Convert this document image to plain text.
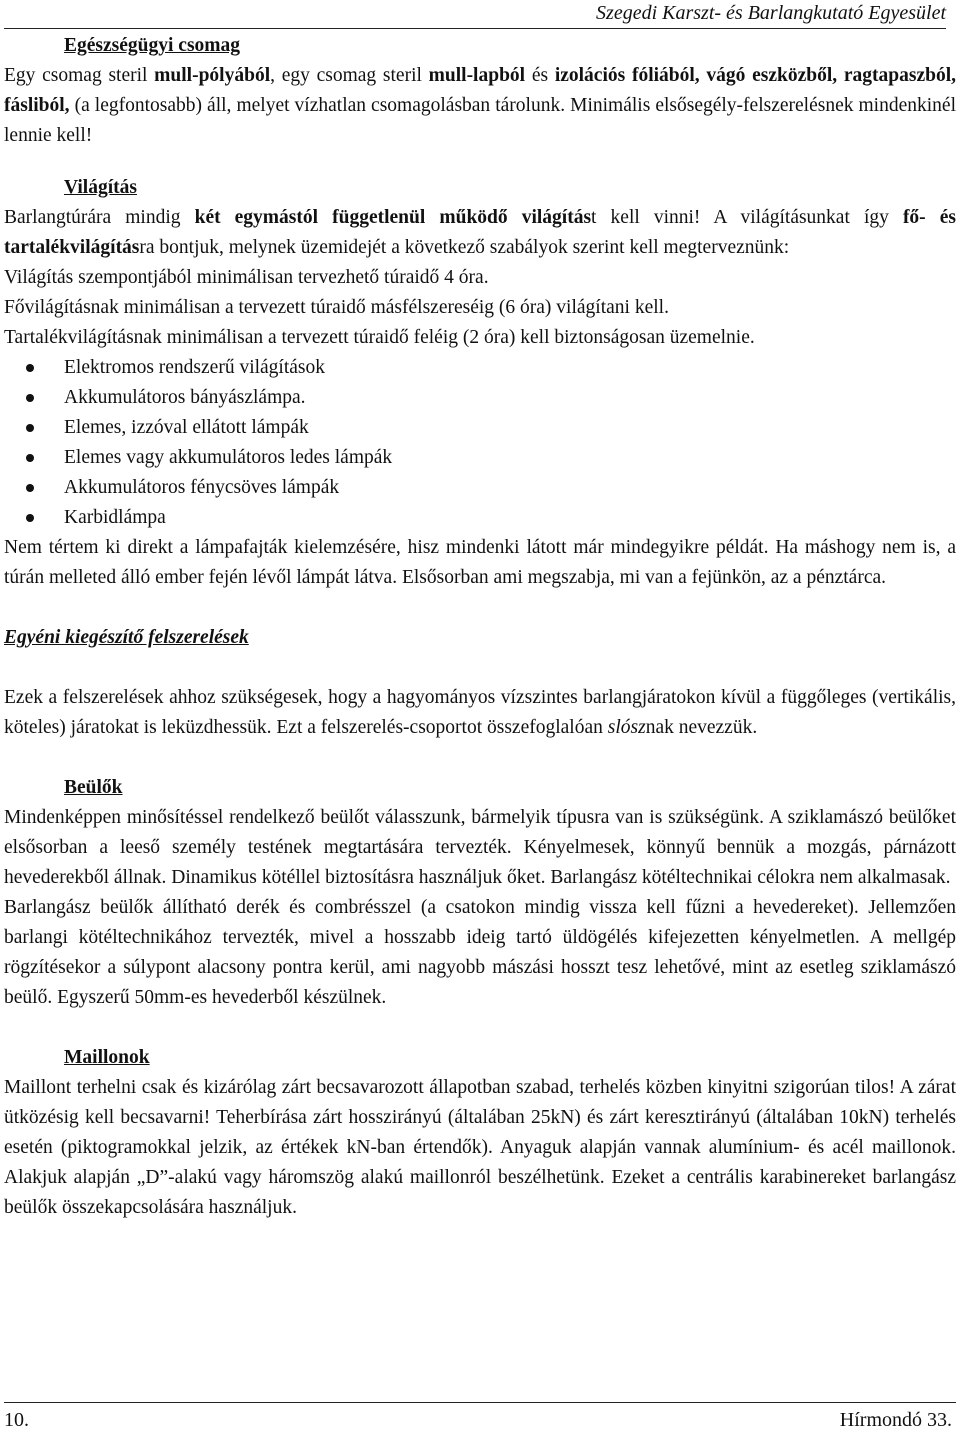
Szegedi Karszt- és Barlangkutató Egyesület

Egészségügyi csomag

Egy csomag steril mull-pólyából, egy csomag steril mull-lapból és izolációs fóliából, vágó eszközből, ragtapaszból, fásliból, (a legfontosabb) áll, melyet vízhatlan csomagolásban tárolunk. Minimális elsősegély-felszerelésnek mindenkinél lennie kell!

Világítás

Barlangtúrára mindig két egymástól függetlenül működő világítást kell vinni! A világításunkat így fő- és tartalékvilágításra bontjuk, melynek üzemidejét a következő szabályok szerint kell megterveznünk:

Világítás szempontjából minimálisan tervezhető túraidő 4 óra.

Fővilágításnak minimálisan a tervezett túraidő másfélszereséig (6 óra) világítani kell.

Tartalékvilágításnak minimálisan a tervezett túraidő feléig (2 óra) kell biztonságosan üzemelnie.

Elektromos rendszerű világítások
Akkumulátoros bányászlámpa.
Elemes, izzóval ellátott lámpák
Elemes vagy akkumulátoros ledes lámpák
Akkumulátoros fénycsöves lámpák
Karbidlámpa

Nem tértem ki direkt a lámpafajták kielemzésére, hisz mindenki látott már mindegyikre példát. Ha máshogy nem is, a túrán melleted álló ember fején lévől lámpát látva. Elsősorban ami megszabja, mi van a fejünkön, az a pénztárca.

Egyéni kiegészítő felszerelések

Ezek a felszerelések ahhoz szükségesek, hogy a hagyományos vízszintes barlangjáratokon kívül a függőleges (vertikális, köteles) járatokat is leküzdhessük. Ezt a felszerelés-csoportot összefoglalóan slósznak nevezzük.

Beülők

Mindenképpen minősítéssel rendelkező beülőt válasszunk, bármelyik típusra van is szükségünk. A sziklamászó beülőket elsősorban a leeső személy testének megtartására tervezték. Kényelmesek, könnyű bennük a mozgás, párnázott hevederekből állnak. Dinamikus kötéllel biztosításra használjuk őket. Barlangász kötéltechnikai célokra nem alkalmasak.

Barlangász beülők állítható derék és combrésszel (a csatokon mindig vissza kell fűzni a hevedereket). Jellemzően barlangi kötéltechnikához tervezték, mivel a hosszabb ideig tartó üldögélés kifejezetten kényelmetlen. A mellgép rögzítésekor a súlypont alacsony pontra kerül, ami nagyobb mászási hosszt tesz lehetővé, mint az esetleg sziklamászó beülő. Egyszerű 50mm-es hevederből készülnek.

Maillonok

Maillont terhelni csak és kizárólag zárt becsavarozott állapotban szabad, terhelés közben kinyitni szigorúan tilos! A zárat ütközésig kell becsavarni! Teherbírása zárt hosszirányú (általában 25kN) és zárt keresztirányú (általában 10kN) terhelés esetén (piktogramokkal jelzik, az értékek kN-ban értendők). Anyaguk alapján vannak alumínium- és acél maillonok. Alakjuk alapján „D”-alakú vagy háromszög alakú maillonról beszélhetünk. Ezeket a centrális karabinereket barlangász beülők összekapcsolására használjuk.

10.	Hírmondó 33.
